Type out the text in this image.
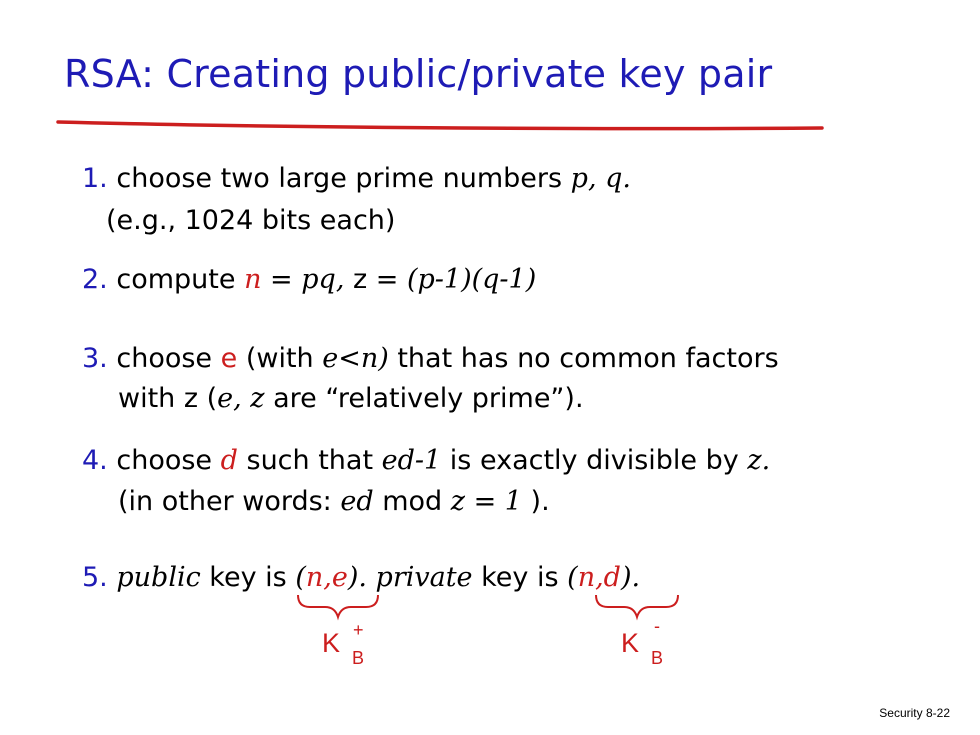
RSA: Creating public/private key pair
1. choose two large prime numbers p, q.
(e.g., 1024 bits each)
2. compute n = pq, z = (p-1)(q-1)
3. choose e (with e<n) that has no common factors
with z (e, z are “relatively prime”).
4. choose d such that ed-1 is exactly divisible by z.
(in other words: ed mod z = 1 ).
5. public key is (n,e). private key is (n,d).
K +
B	K
-
B
Security 8-22
